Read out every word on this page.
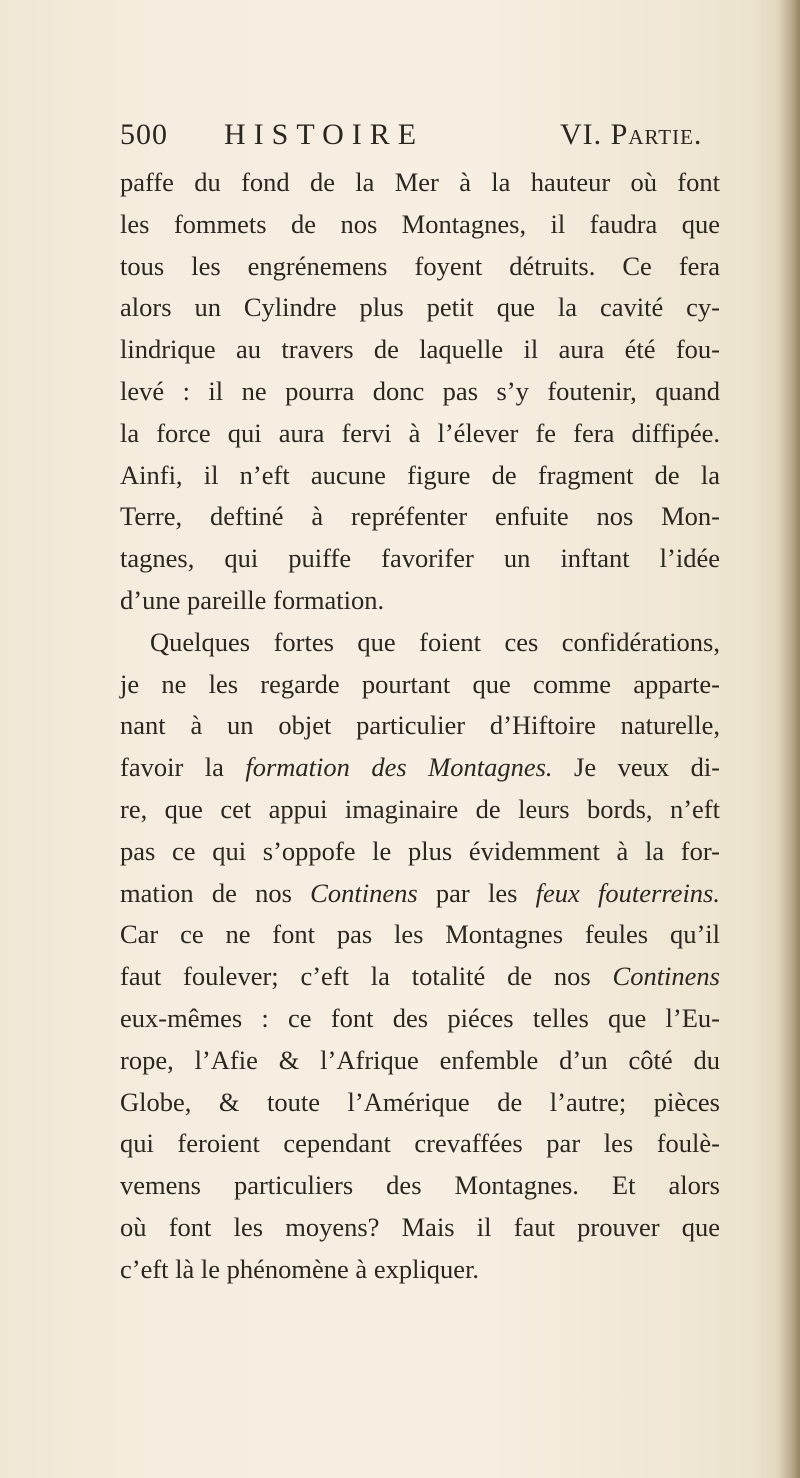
500 HISTOIRE	VI. Partie.
paffe du fond de la Mer à la hauteur où font
les fommets de nos Montagnes, il faudra que
tous les engrénemens foyent détruits. Ce fera
alors un Cylindre plus petit que la cavité cy-
lindrique au travers de laquelle il aura été fou-
levé : il ne pourra donc pas s’y foutenir, quand
la force qui aura fervi à l’élever fe fera diffipée.
Ainfi, il n’eft aucune figure de fragment de la
Terre, deftiné à repréfenter enfuite nos Mon-
tagnes, qui puiffe favorifer un inftant l’idée
d’une pareille formation.
Quelques fortes que foient ces confidérations,
je ne les regarde pourtant que comme apparte-
nant à un objet particulier d’Hiftoire naturelle,
favoir la formation des Montagnes. Je veux di-
re, que cet appui imaginaire de leurs bords, n’eft
pas ce qui s’oppofe le plus évidemment à la for-
mation de nos Continens par les feux fouterreins.
Car ce ne font pas les Montagnes feules qu’il
faut foulever; c’eft la totalité de nos Continens
eux-mêmes : ce font des piéces telles que l’Eu-
rope, l’Afie & l’Afrique enfemble d’un côté du
Globe, & toute l’Amérique de l’autre; pièces
qui feroient cependant crevaffées par les foulè-
vemens particuliers des Montagnes. Et alors
où font les moyens? Mais il faut prouver que
c’eft là le phénomène à expliquer.
